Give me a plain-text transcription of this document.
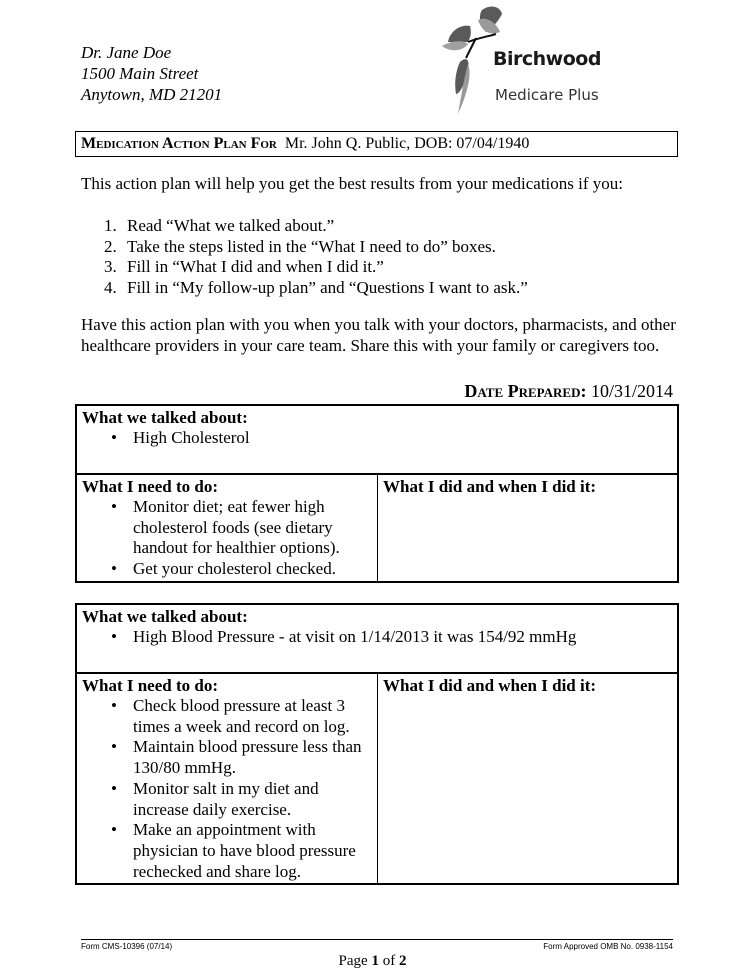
Dr. Jane Doe
1500 Main Street
Anytown, MD 21201
Birchwood
Medicare Plus
Medication Action Plan For Mr. John Q. Public, DOB: 07/04/1940
This action plan will help you get the best results from your medications if you:
1. Read “What we talked about.”
2. Take the steps listed in the “What I need to do” boxes.
3. Fill in “What I did and when I did it.”
4. Fill in “My follow-up plan” and “Questions I want to ask.”
Have this action plan with you when you talk with your doctors, pharmacists, and other healthcare providers in your care team. Share this with your family or caregivers too.
Date Prepared: 10/31/2014
What we talked about:
• High Cholesterol

What I need to do:
• Monitor diet; eat fewer high cholesterol foods (see dietary handout for healthier options).
• Get your cholesterol checked.

What I did and when I did it:
What we talked about:
• High Blood Pressure - at visit on 1/14/2013 it was 154/92 mmHg

What I need to do:
• Check blood pressure at least 3 times a week and record on log.
• Maintain blood pressure less than 130/80 mmHg.
• Monitor salt in my diet and increase daily exercise.
• Make an appointment with physician to have blood pressure rechecked and share log.

What I did and when I did it:
Form CMS-10396 (07/14)	Form Approved OMB No. 0938-1154
Page 1 of 2
